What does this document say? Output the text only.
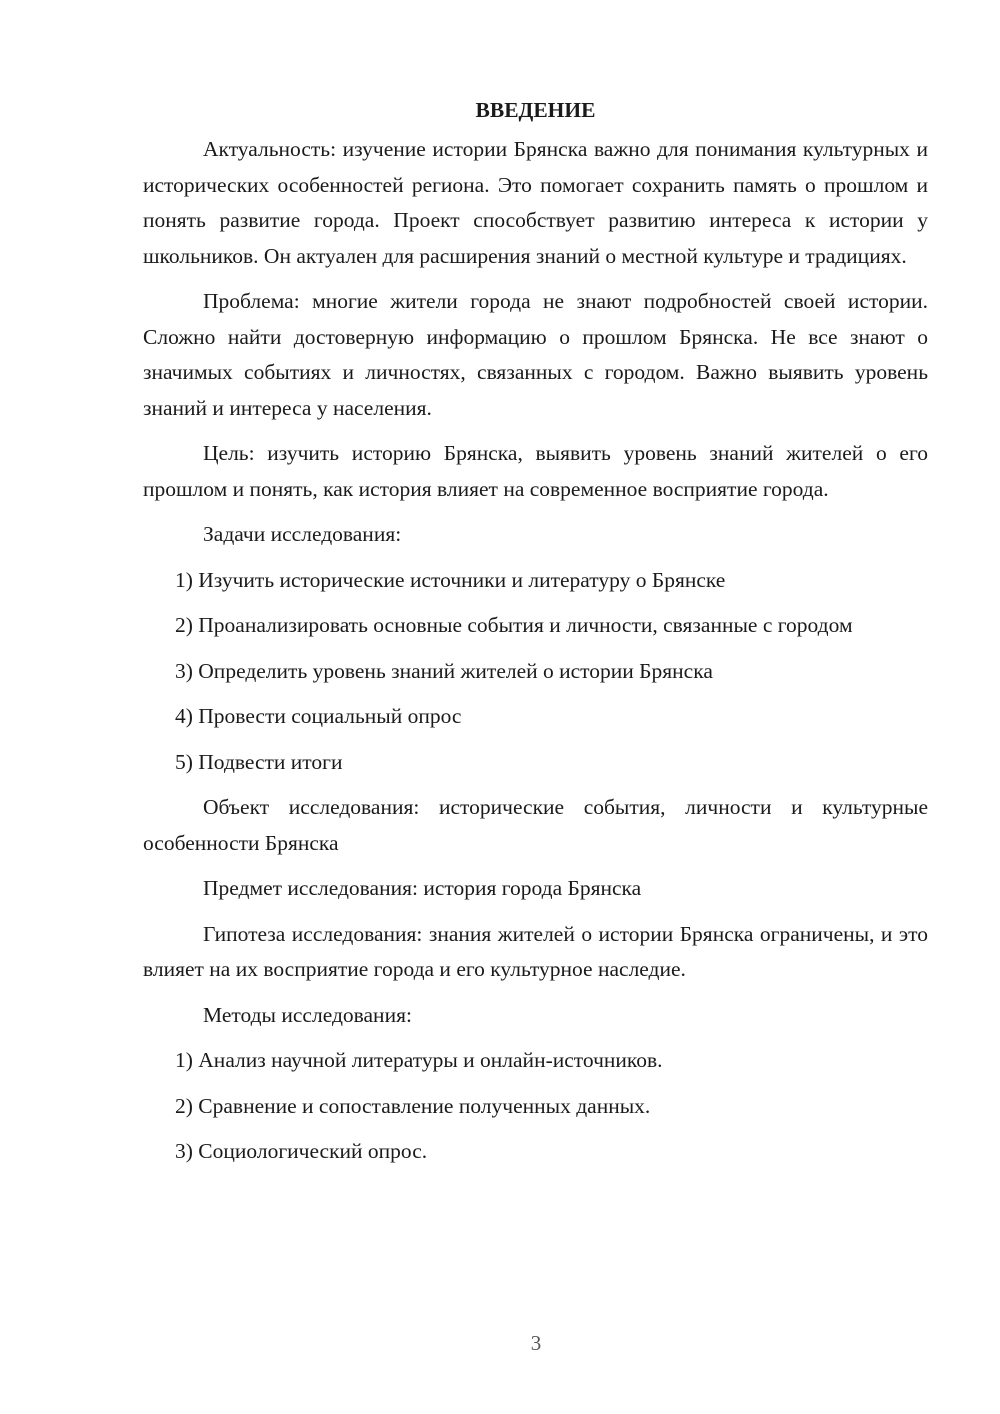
ВВЕДЕНИЕ

Актуальность: изучение истории Брянска важно для понимания культурных и исторических особенностей региона. Это помогает сохранить память о прошлом и понять развитие города. Проект способствует развитию интереса к истории у школьников. Он актуален для расширения знаний о местной культуре и традициях.

Проблема: многие жители города не знают подробностей своей истории. Сложно найти достоверную информацию о прошлом Брянска. Не все знают о значимых событиях и личностях, связанных с городом. Важно выявить уровень знаний и интереса у населения.

Цель: изучить историю Брянска, выявить уровень знаний жителей о его прошлом и понять, как история влияет на современное восприятие города.

Задачи исследования:

1) Изучить исторические источники и литературу о Брянске

2) Проанализировать основные события и личности, связанные с городом

3) Определить уровень знаний жителей о истории Брянска

4) Провести социальный опрос

5) Подвести итоги

Объект исследования: исторические события, личности и культурные особенности Брянска

Предмет исследования: история города Брянска

Гипотеза исследования: знания жителей о истории Брянска ограничены, и это влияет на их восприятие города и его культурное наследие.

Методы исследования:

1) Анализ научной литературы и онлайн-источников.

2) Сравнение и сопоставление полученных данных.

3) Социологический опрос.

3
